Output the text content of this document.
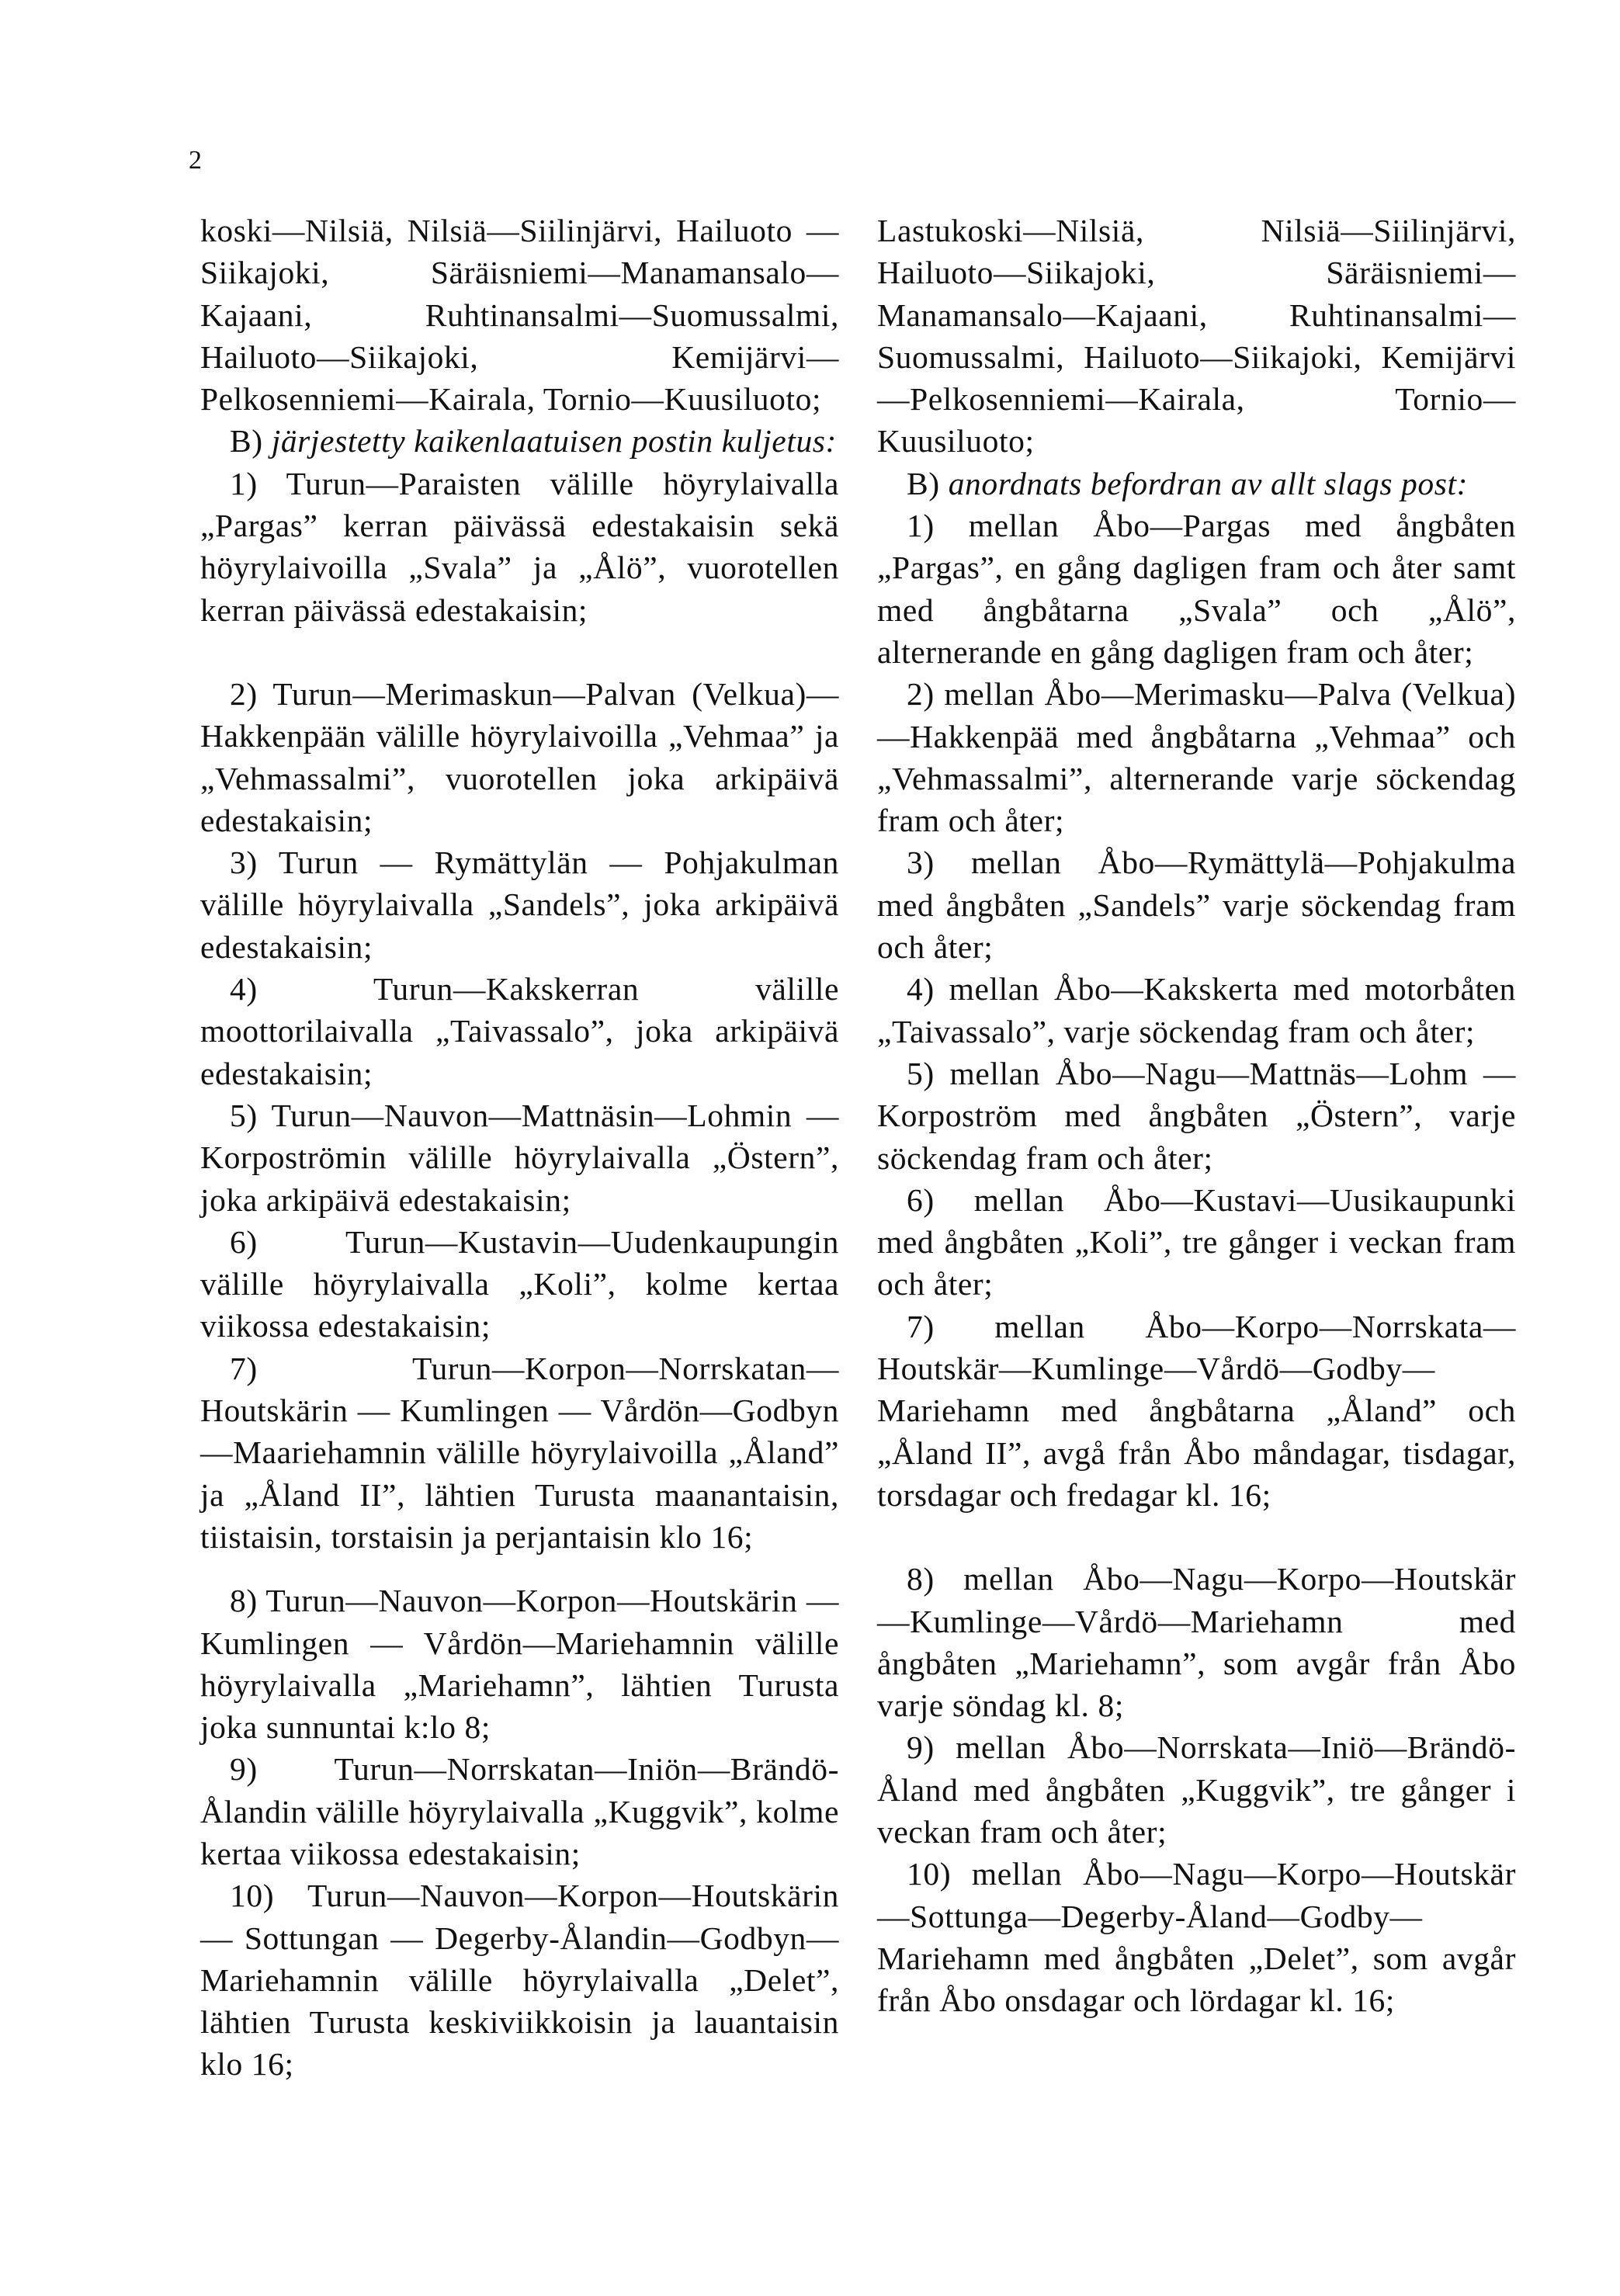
2

koski—Nilsiä, Nilsiä—Siilinjärvi, Hailuoto —Siikajoki, Säräisniemi—Manamansalo—Kajaani, Ruhtinansalmi—Suomussalmi, Hailuoto—Siikajoki, Kemijärvi—Pelkosenniemi—Kairala, Tornio—Kuusiluoto;

B) järjestetty kaikenlaatuisen postin kuljetus:

1) Turun—Paraisten välille höyrylaivalla „Pargas” kerran päivässä edestakaisin sekä höyrylaivoilla „Svala” ja „Ålö”, vuorotellen kerran päivässä edestakaisin;

2) Turun—Merimaskun—Palvan (Velkua)—Hakkenpään välille höyrylaivoilla „Vehmaa” ja „Vehmassalmi”, vuorotellen joka arkipäivä edestakaisin;

3) Turun — Rymättylän — Pohjakulman välille höyrylaivalla „Sandels”, joka arkipäivä edestakaisin;

4) Turun—Kakskerran välille moottorilaivalla „Taivassalo”, joka arkipäivä edestakaisin;

5) Turun—Nauvon—Mattnäsin—Lohmin —Korpoströmin välille höyrylaivalla „Östern”, joka arkipäivä edestakaisin;

6) Turun—Kustavin—Uudenkaupungin välille höyrylaivalla „Koli”, kolme kertaa viikossa edestakaisin;

7) Turun—Korpon—Norrskatan—Houtskärin — Kumlingen — Vårdön—Godbyn—Maariehamnin välille höyrylaivoilla „Åland” ja „Åland II”, lähtien Turusta maanantaisin, tiistaisin, torstaisin ja perjantaisin klo 16;

8) Turun—Nauvon—Korpon—Houtskärin — Kumlingen — Vårdön—Mariehamnin välille höyrylaivalla „Mariehamn”, lähtien Turusta joka sunnuntai k:lo 8;

9) Turun—Norrskatan—Iniön—Brändö-Ålandin välille höyrylaivalla „Kuggvik”, kolme kertaa viikossa edestakaisin;

10) Turun—Nauvon—Korpon—Houtskärin — Sottungan — Degerby-Ålandin—Godbyn—Mariehamnin välille höyrylaivalla „Delet”, lähtien Turusta keskiviikkoisin ja lauantaisin klo 16;

Lastukoski—Nilsiä, Nilsiä—Siilinjärvi, Hailuoto—Siikajoki, Säräisniemi—Manamansalo—Kajaani, Ruhtinansalmi—Suomussalmi, Hailuoto—Siikajoki, Kemijärvi—Pelkosenniemi—Kairala, Tornio—Kuusiluoto;

B) anordnats befordran av allt slags post:

1) mellan Åbo—Pargas med ångbåten „Pargas”, en gång dagligen fram och åter samt med ångbåtarna „Svala” och „Ålö”, alternerande en gång dagligen fram och åter;

2) mellan Åbo—Merimasku—Palva (Velkua)—Hakkenpää med ångbåtarna „Vehmaa” och „Vehmassalmi”, alternerande varje söckendag fram och åter;

3) mellan Åbo—Rymättylä—Pohjakulma med ångbåten „Sandels” varje söckendag fram och åter;

4) mellan Åbo—Kakskerta med motorbåten „Taivassalo”, varje söckendag fram och åter;

5) mellan Åbo—Nagu—Mattnäs—Lohm —Korpoström med ångbåten „Östern”, varje söckendag fram och åter;

6) mellan Åbo—Kustavi—Uusikaupunki med ångbåten „Koli”, tre gånger i veckan fram och åter;

7) mellan Åbo—Korpo—Norrskata—Houtskär—Kumlinge—Vårdö—Godby—Mariehamn med ångbåtarna „Åland” och „Åland II”, avgå från Åbo måndagar, tisdagar, torsdagar och fredagar kl. 16;

8) mellan Åbo—Nagu—Korpo—Houtskär —Kumlinge—Vårdö—Mariehamn med ångbåten „Mariehamn”, som avgår från Åbo varje söndag kl. 8;

9) mellan Åbo—Norrskata—Iniö—Brändö-Åland med ångbåten „Kuggvik”, tre gånger i veckan fram och åter;

10) mellan Åbo—Nagu—Korpo—Houtskär —Sottunga—Degerby-Åland—Godby—Mariehamn med ångbåten „Delet”, som avgår från Åbo onsdagar och lördagar kl. 16;
